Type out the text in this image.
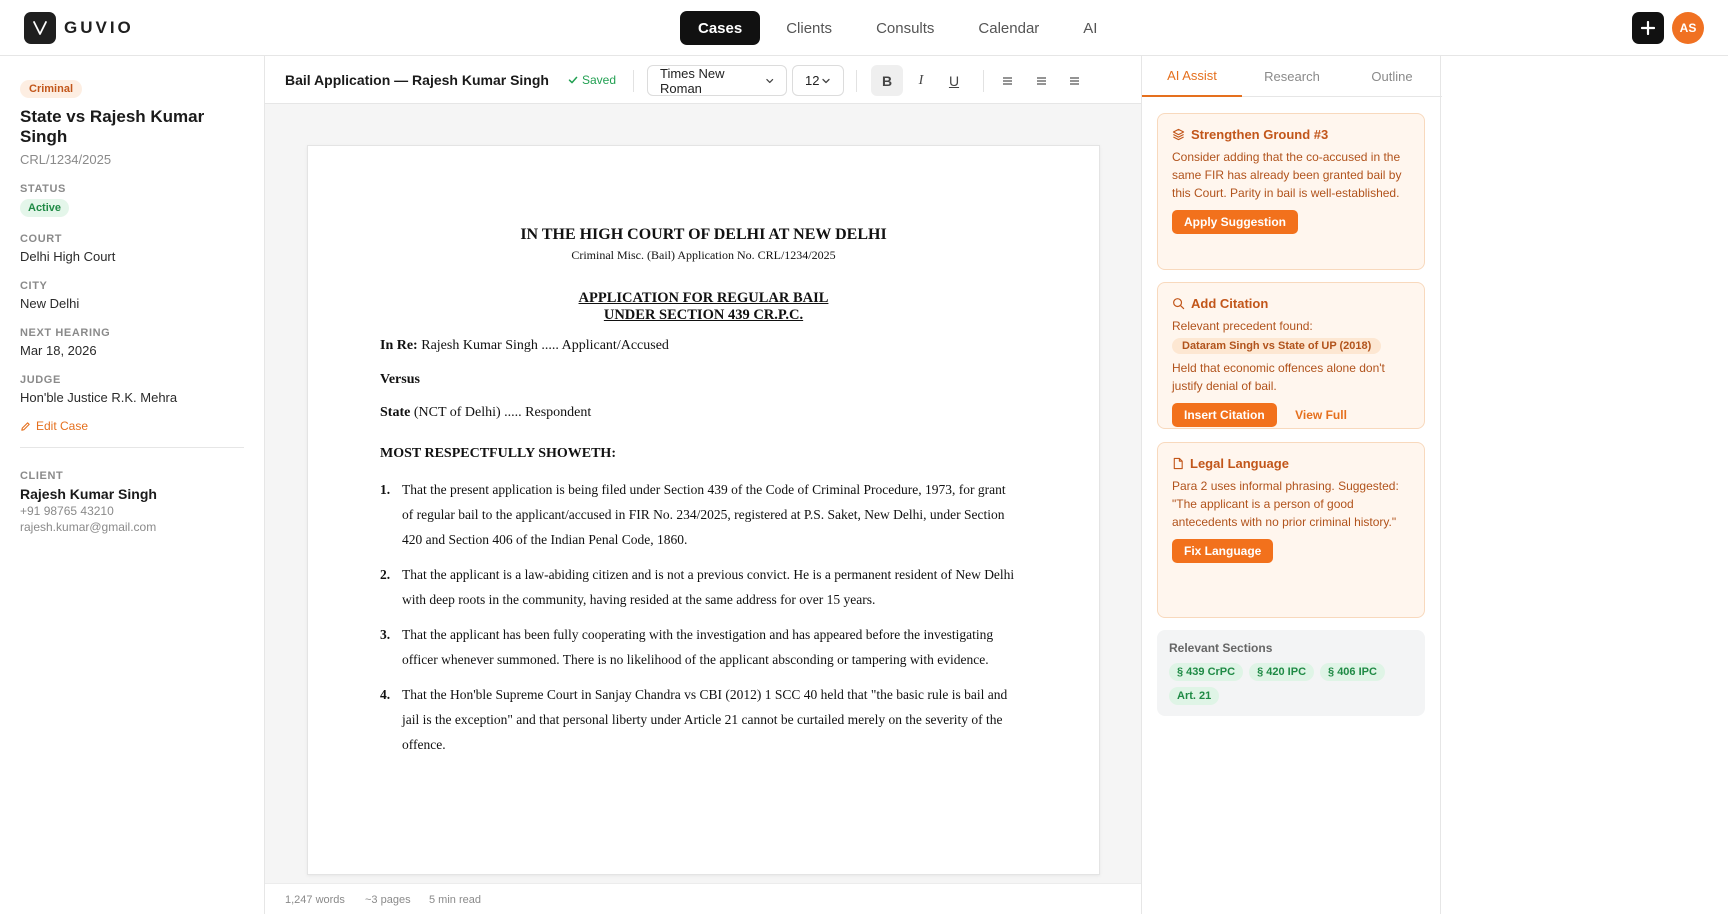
GUVIO	Cases	Clients	Consults	Calendar	AI	AS
Criminal
State vs Rajesh Kumar Singh
CRL/1234/2025
STATUS
Active
COURT
Delhi High Court
CITY
New Delhi
NEXT HEARING
Mar 18, 2026
JUDGE
Hon'ble Justice R.K. Mehra
Edit Case
CLIENT
Rajesh Kumar Singh
+91 98765 43210
rajesh.kumar@gmail.com
Bail Application — Rajesh Kumar Singh	Saved	Times New Roman	12	B	I	U
IN THE HIGH COURT OF DELHI AT NEW DELHI
Criminal Misc. (Bail) Application No. CRL/1234/2025
APPLICATION FOR REGULAR BAIL
UNDER SECTION 439 CR.P.C.
In Re: Rajesh Kumar Singh ..... Applicant/Accused
Versus
State (NCT of Delhi) ..... Respondent
MOST RESPECTFULLY SHOWETH:
1. That the present application is being filed under Section 439 of the Code of Criminal Procedure, 1973, for grant of regular bail to the applicant/accused in FIR No. 234/2025, registered at P.S. Saket, New Delhi, under Section 420 and Section 406 of the Indian Penal Code, 1860.
2. That the applicant is a law-abiding citizen and is not a previous convict. He is a permanent resident of New Delhi with deep roots in the community, having resided at the same address for over 15 years.
3. That the applicant has been fully cooperating with the investigation and has appeared before the investigating officer whenever summoned. There is no likelihood of the applicant absconding or tampering with evidence.
4. That the Hon'ble Supreme Court in Sanjay Chandra vs CBI (2012) 1 SCC 40 held that "the basic rule is bail and jail is the exception" and that personal liberty under Article 21 cannot be curtailed merely on the severity of the offence.
1,247 words ~3 pages 5 min read
AI Assist	Research	Outline
Strengthen Ground #3
Consider adding that the co-accused in the same FIR has already been granted bail by this Court. Parity in bail is well-established.
Apply Suggestion
Add Citation
Relevant precedent found:
Dataram Singh vs State of UP (2018)
Held that economic offences alone don't justify denial of bail.
Insert Citation	View Full
Legal Language
Para 2 uses informal phrasing. Suggested: "The applicant is a person of good antecedents with no prior criminal history."
Fix Language
Relevant Sections
§ 439 CrPC	§ 420 IPC	§ 406 IPC
Art. 21
